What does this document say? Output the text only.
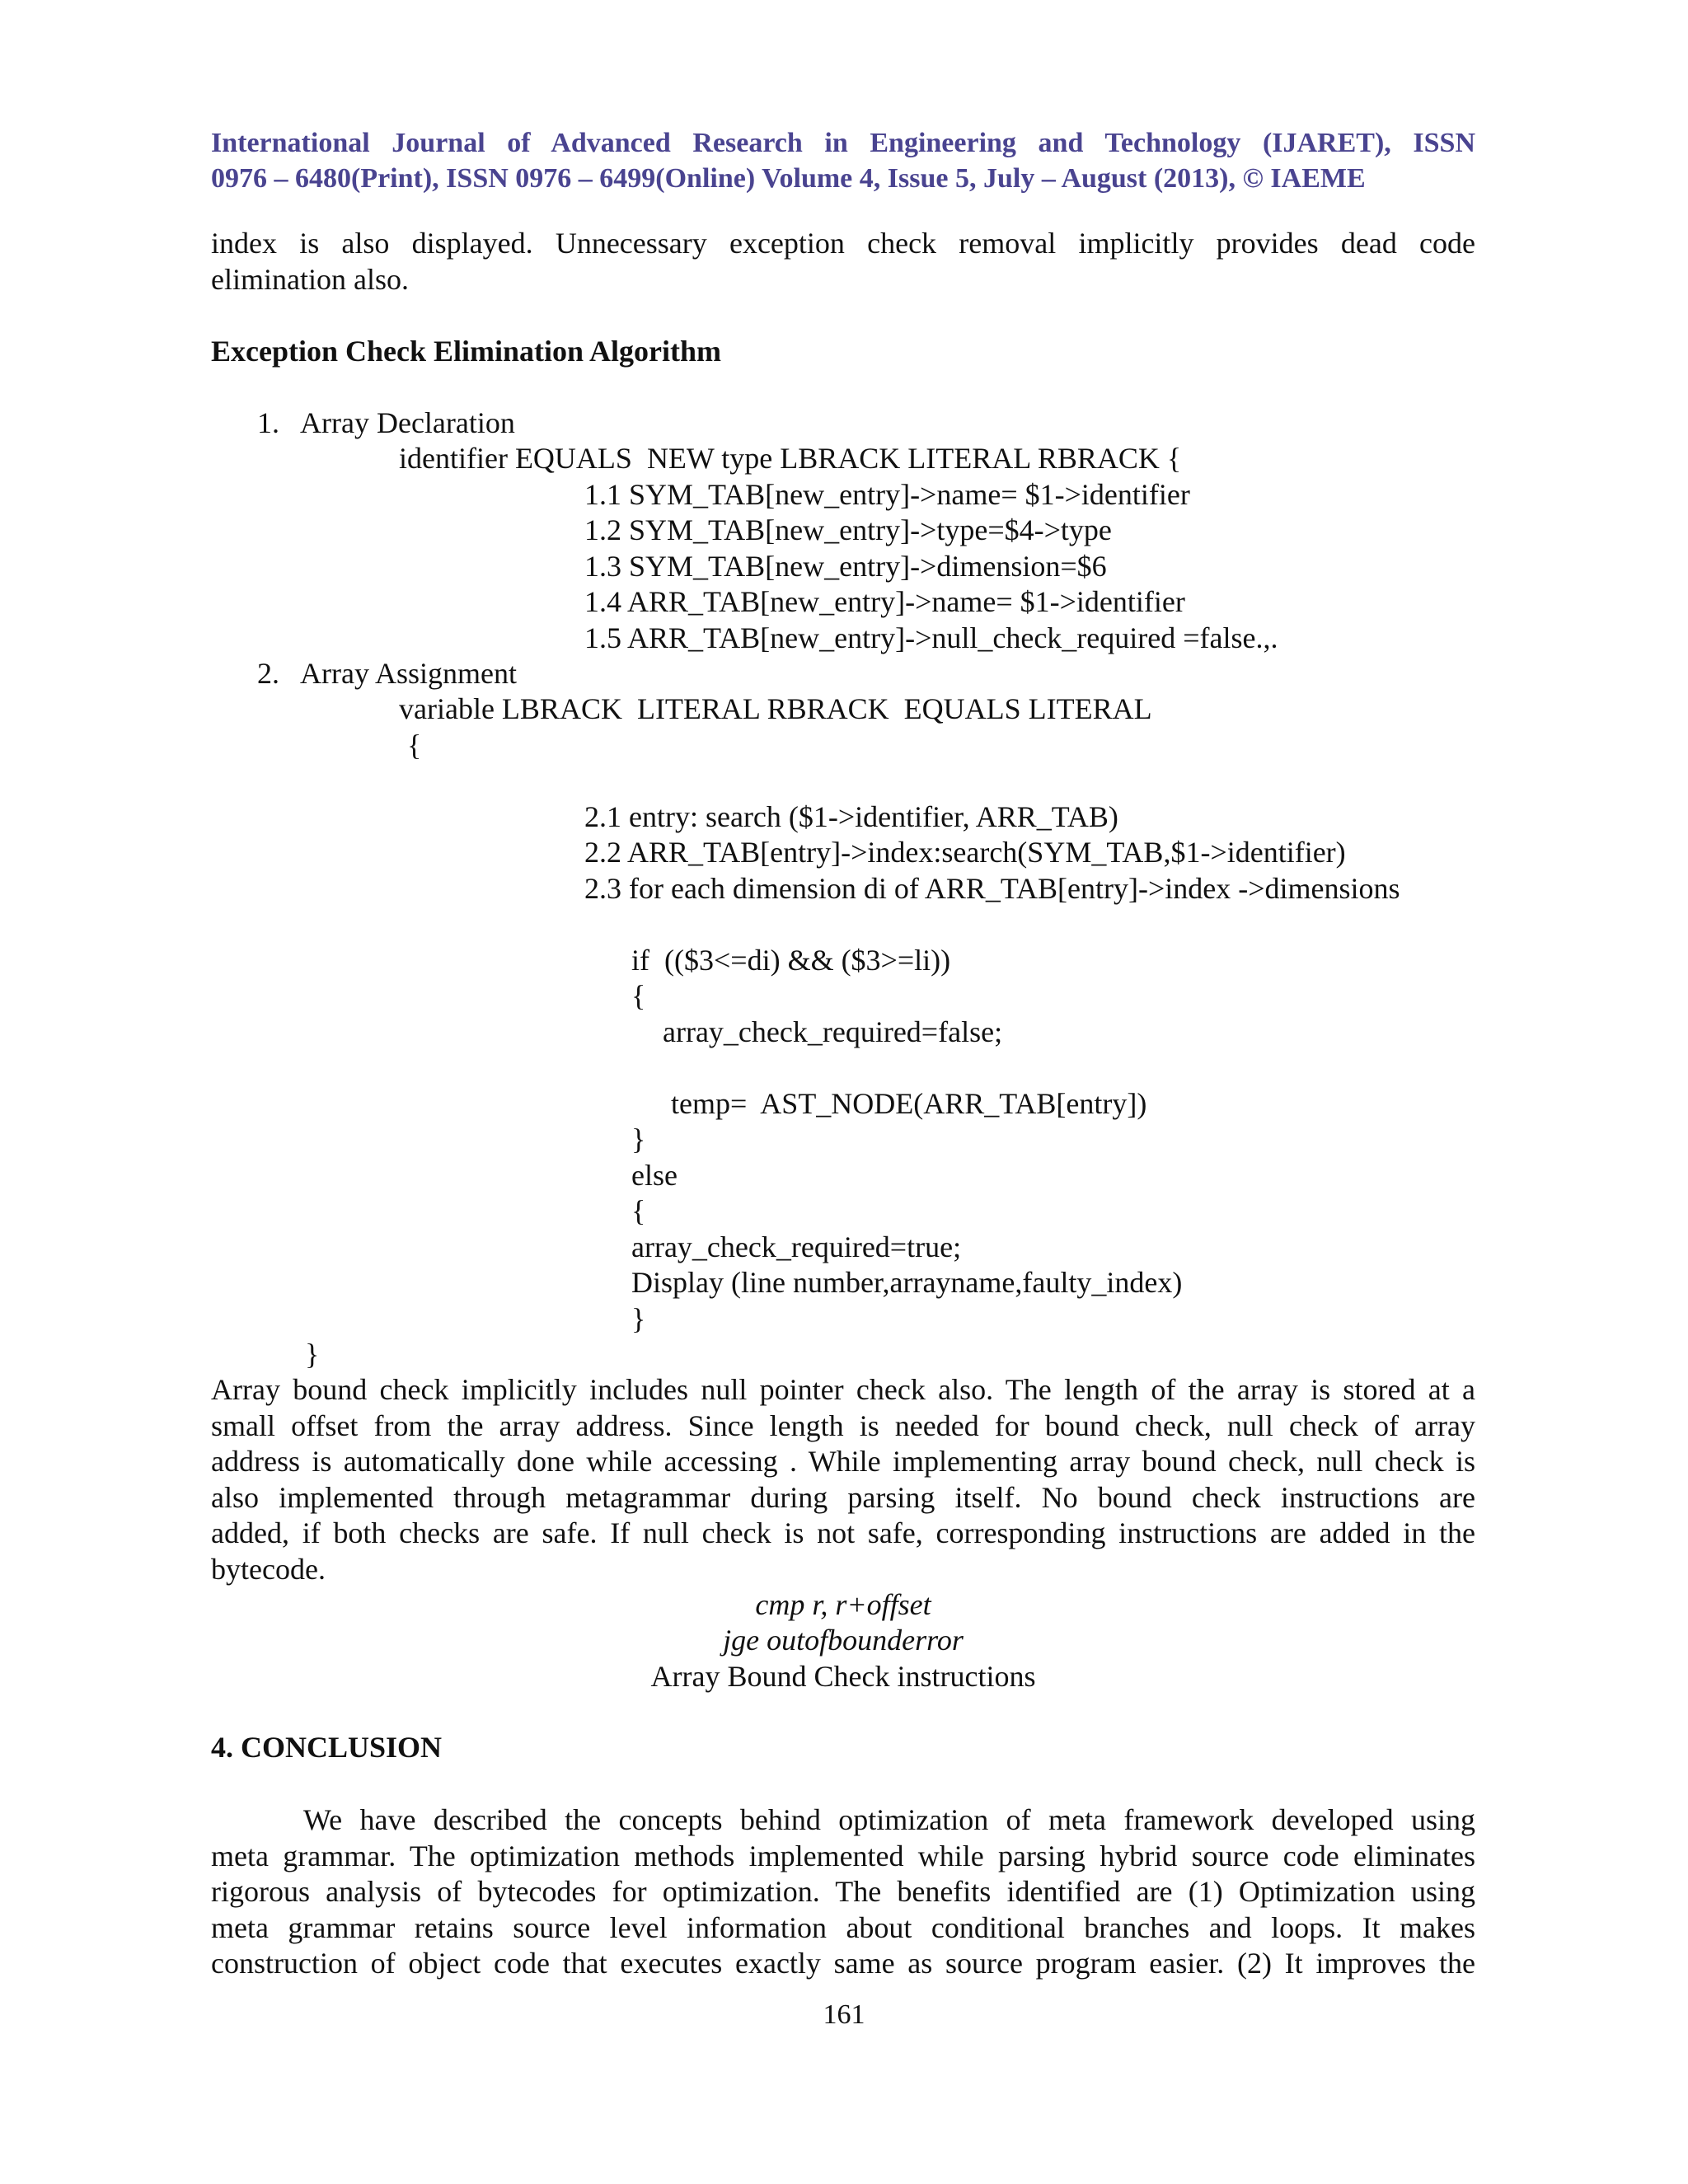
International Journal of Advanced Research in Engineering and Technology (IJARET), ISSN
0976 – 6480(Print), ISSN 0976 – 6499(Online) Volume 4, Issue 5, July – August (2013), © IAEME
index is also displayed. Unnecessary exception check removal implicitly provides dead code
elimination also.
Exception Check Elimination Algorithm
1.   Array Declaration
identifier EQUALS  NEW type LBRACK LITERAL RBRACK {
1.1 SYM_TAB[new_entry]->name= $1->identifier
1.2 SYM_TAB[new_entry]->type=$4->type
1.3 SYM_TAB[new_entry]->dimension=$6
1.4 ARR_TAB[new_entry]->name= $1->identifier
1.5 ARR_TAB[new_entry]->null_check_required =false.,.
2.   Array Assignment
variable LBRACK  LITERAL RBRACK  EQUALS LITERAL
{
2.1 entry: search ($1->identifier, ARR_TAB)
2.2 ARR_TAB[entry]->index:search(SYM_TAB,$1->identifier)
2.3 for each dimension di of ARR_TAB[entry]->index ->dimensions
if  (($3<=di) && ($3>=li))
{
array_check_required=false;
temp=  AST_NODE(ARR_TAB[entry])
}
else
{
array_check_required=true;
Display (line number,arrayname,faulty_index)
}
}
Array bound check implicitly includes null pointer check also. The length of the array is stored at a
small offset from the array address. Since length is needed for bound check, null check of array
address is automatically done while accessing . While implementing array bound check, null check is
also implemented through metagrammar during parsing itself. No bound check instructions are
added, if both checks are safe. If null check is not safe, corresponding instructions are added in the
bytecode.
cmp r, r+offset
jge outofbounderror
Array Bound Check instructions
4. CONCLUSION
We have described the concepts behind optimization of meta framework developed using
meta grammar. The optimization methods implemented while parsing hybrid source code eliminates
rigorous analysis of bytecodes for optimization. The benefits identified are (1) Optimization using
meta grammar retains source level information about conditional branches and loops. It makes
construction of object code that executes exactly same as source program easier. (2) It improves the
161
